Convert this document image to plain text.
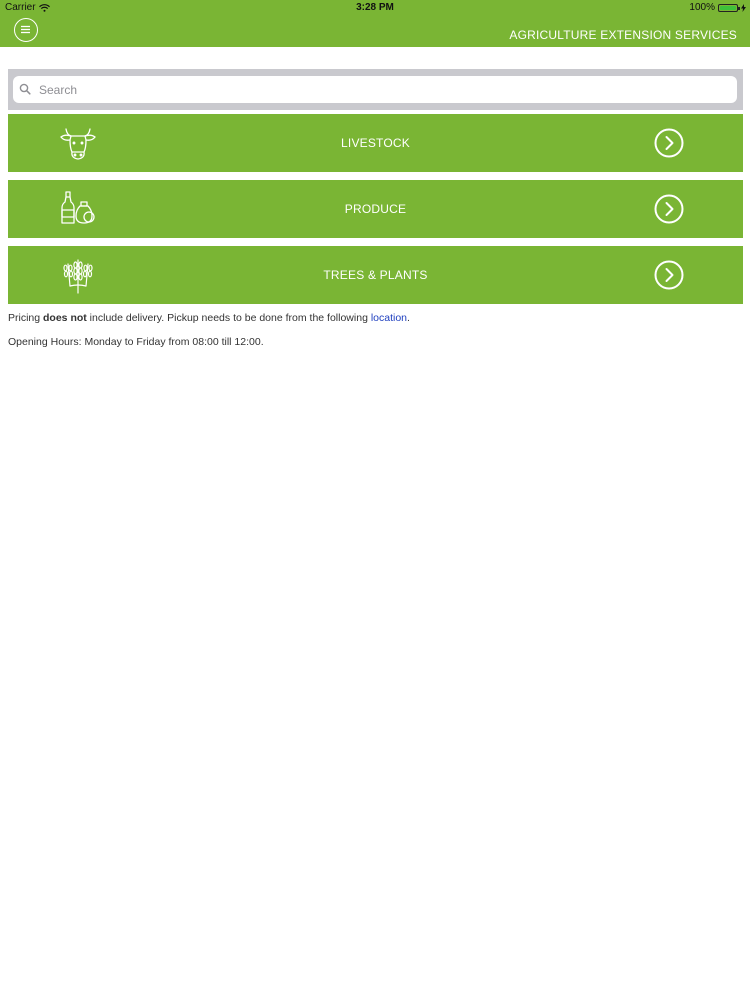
Carrier	3:28 PM	100%
AGRICULTURE EXTENSION SERVICES
Search
LIVESTOCK
PRODUCE
TREES & PLANTS
Pricing does not include delivery. Pickup needs to be done from the following location.
Opening Hours: Monday to Friday from 08:00 till 12:00.
